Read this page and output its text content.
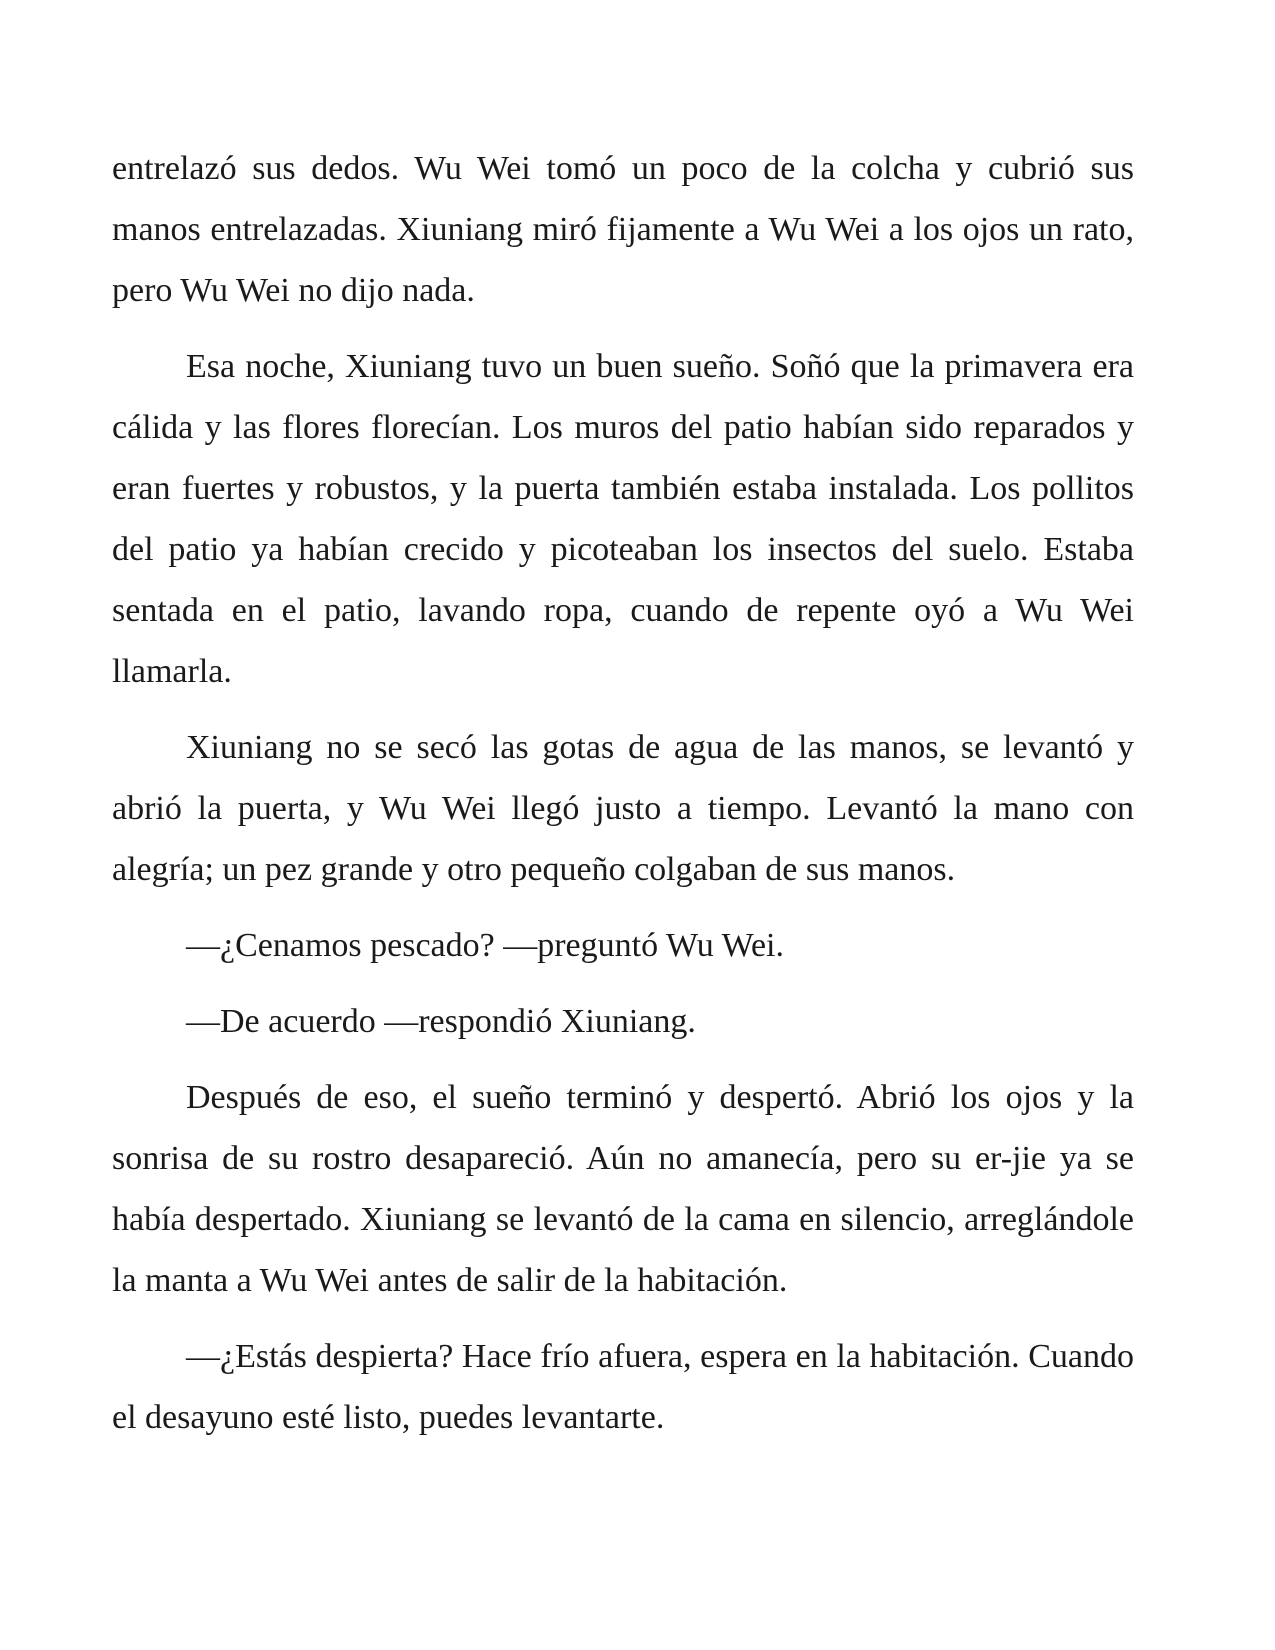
entrelazó sus dedos. Wu Wei tomó un poco de la colcha y cubrió sus manos entrelazadas. Xiuniang miró fijamente a Wu Wei a los ojos un rato, pero Wu Wei no dijo nada.

Esa noche, Xiuniang tuvo un buen sueño. Soñó que la primavera era cálida y las flores florecían. Los muros del patio habían sido reparados y eran fuertes y robustos, y la puerta también estaba instalada. Los pollitos del patio ya habían crecido y picoteaban los insectos del suelo. Estaba sentada en el patio, lavando ropa, cuando de repente oyó a Wu Wei llamarla.

Xiuniang no se secó las gotas de agua de las manos, se levantó y abrió la puerta, y Wu Wei llegó justo a tiempo. Levantó la mano con alegría; un pez grande y otro pequeño colgaban de sus manos.

—¿Cenamos pescado? —preguntó Wu Wei.

—De acuerdo —respondió Xiuniang.

Después de eso, el sueño terminó y despertó. Abrió los ojos y la sonrisa de su rostro desapareció. Aún no amanecía, pero su er-jie ya se había despertado. Xiuniang se levantó de la cama en silencio, arreglándole la manta a Wu Wei antes de salir de la habitación.

—¿Estás despierta? Hace frío afuera, espera en la habitación. Cuando el desayuno esté listo, puedes levantarte.
